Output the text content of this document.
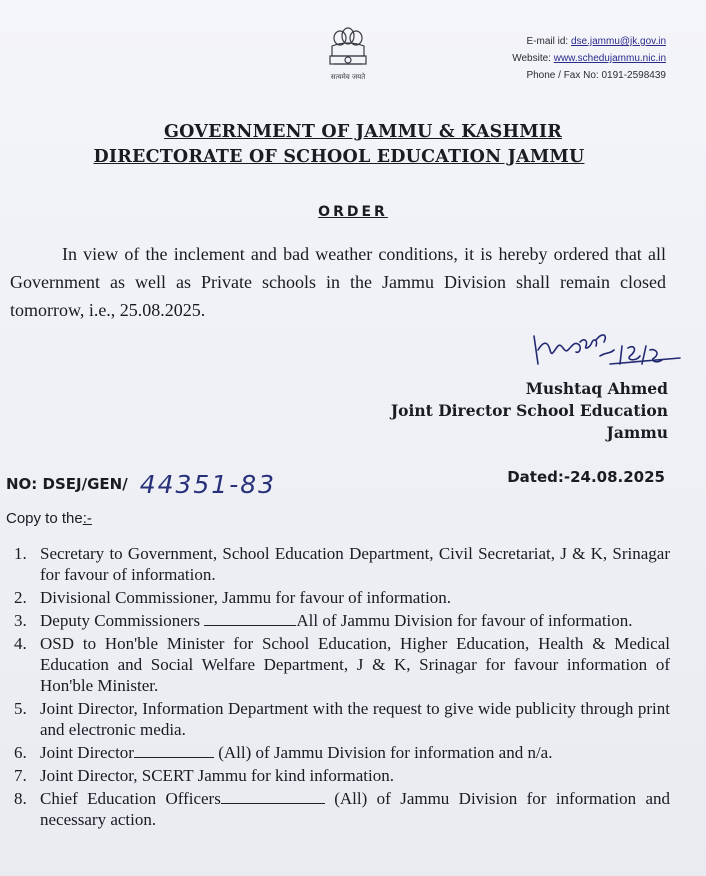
सत्यमेव जयते
E-mail id: dse.jammu@jk.gov.in
Website: www.schedujammu.nic.in
Phone / Fax No: 0191-2598439
GOVERNMENT OF JAMMU & KASHMIR
DIRECTORATE OF SCHOOL EDUCATION JAMMU
ORDER
In view of the inclement and bad weather conditions, it is hereby ordered that all Government as well as Private schools in the Jammu Division shall remain closed tomorrow, i.e., 25.08.2025.
Mushtaq Ahmed
Joint Director School Education
Jammu
NO: DSEJ/GEN/ 44351-83	Dated:-24.08.2025
Copy to the:-
1. Secretary to Government, School Education Department, Civil Secretariat, J & K, Srinagar for favour of information.
2. Divisional Commissioner, Jammu for favour of information.
3. Deputy Commissioners	All of Jammu Division for favour of information.
4. OSD to Hon'ble Minister for School Education, Higher Education, Health & Medical Education and Social Welfare Department, J & K, Srinagar for favour information of Hon'ble Minister.
5. Joint Director, Information Department with the request to give wide publicity through print and electronic media.
6. Joint Director	(All) of Jammu Division for information and n/a.
7. Joint Director, SCERT Jammu for kind information.
8. Chief Education Officers	(All) of Jammu Division for information and necessary action.
